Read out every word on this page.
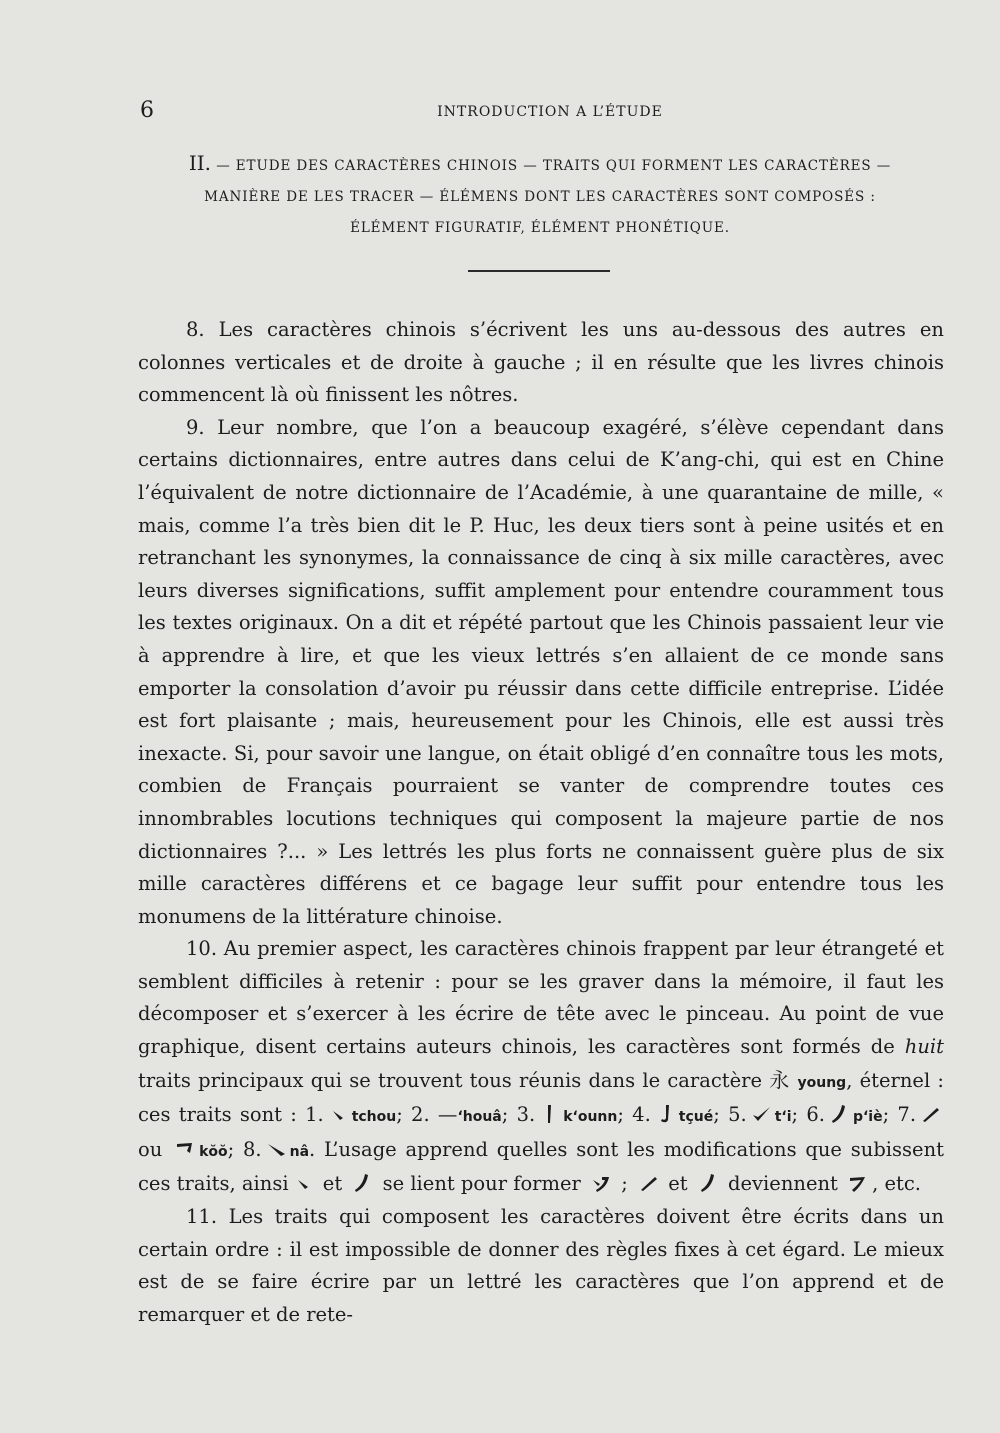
6	INTRODUCTION A L’ÉTUDE
II. — ETUDE DES CARACTÈRES CHINOIS — TRAITS QUI FORMENT LES CARACTÈRES —
MANIÈRE DE LES TRACER — ÉLÉMENS DONT LES CARACTÈRES SONT COMPOSÉS :
ÉLÉMENT FIGURATIF, ÉLÉMENT PHONÉTIQUE.

8. Les caractères chinois s’écrivent les uns au-dessous des autres en colonnes verticales et de droite à gauche ; il en résulte que les livres chinois commencent là où finissent les nôtres.

9. Leur nombre, que l’on a beaucoup exagéré, s’élève cependant dans certains dictionnaires, entre autres dans celui de K’ang-chi, qui est en Chine l’équivalent de notre dictionnaire de l’Académie, à une quarantaine de mille, « mais, comme l’a très bien dit le P. Huc, les deux tiers sont à peine usités et en retranchant les synonymes, la connaissance de cinq à six mille caractères, avec leurs diverses significations, suffit amplement pour entendre couramment tous les textes originaux. On a dit et répété partout que les Chinois passaient leur vie à apprendre à lire, et que les vieux lettrés s’en allaient de ce monde sans emporter la consolation d’avoir pu réussir dans cette difficile entreprise. L’idée est fort plaisante ; mais, heureusement pour les Chinois, elle est aussi très inexacte. Si, pour savoir une langue, on était obligé d’en connaître tous les mots, combien de Français pourraient se vanter de comprendre toutes ces innombrables locutions techniques qui composent la majeure partie de nos dictionnaires ?... » Les lettrés les plus forts ne connaissent guère plus de six mille caractères différens et ce bagage leur suffit pour entendre tous les monumens de la littérature chinoise.

10. Au premier aspect, les caractères chinois frappent par leur étrangeté et semblent difficiles à retenir : pour se les graver dans la mémoire, il faut les décomposer et s’exercer à les écrire de tête avec le pinceau. Au point de vue graphique, disent certains auteurs chinois, les caractères sont formés de huit traits principaux qui se trouvent tous réunis dans le caractère 永 young, éternel : ces traits sont : 1. tchou; 2. —‘houâ; 3. k‘ounn; 4. tçué; 5. t‘i; 6. p‘iè; 7.
ou
kŏŏ; 8. nâ. L’usage apprend quelles sont les modifications que subissent ces traits, ainsi
et
se lient pour former
;
et
deviennent
, etc.

11. Les traits qui composent les caractères doivent être écrits dans un certain ordre : il est impossible de donner des règles fixes à cet égard. Le mieux est de se faire écrire par un lettré les caractères que l’on apprend et de remarquer et de rete-
